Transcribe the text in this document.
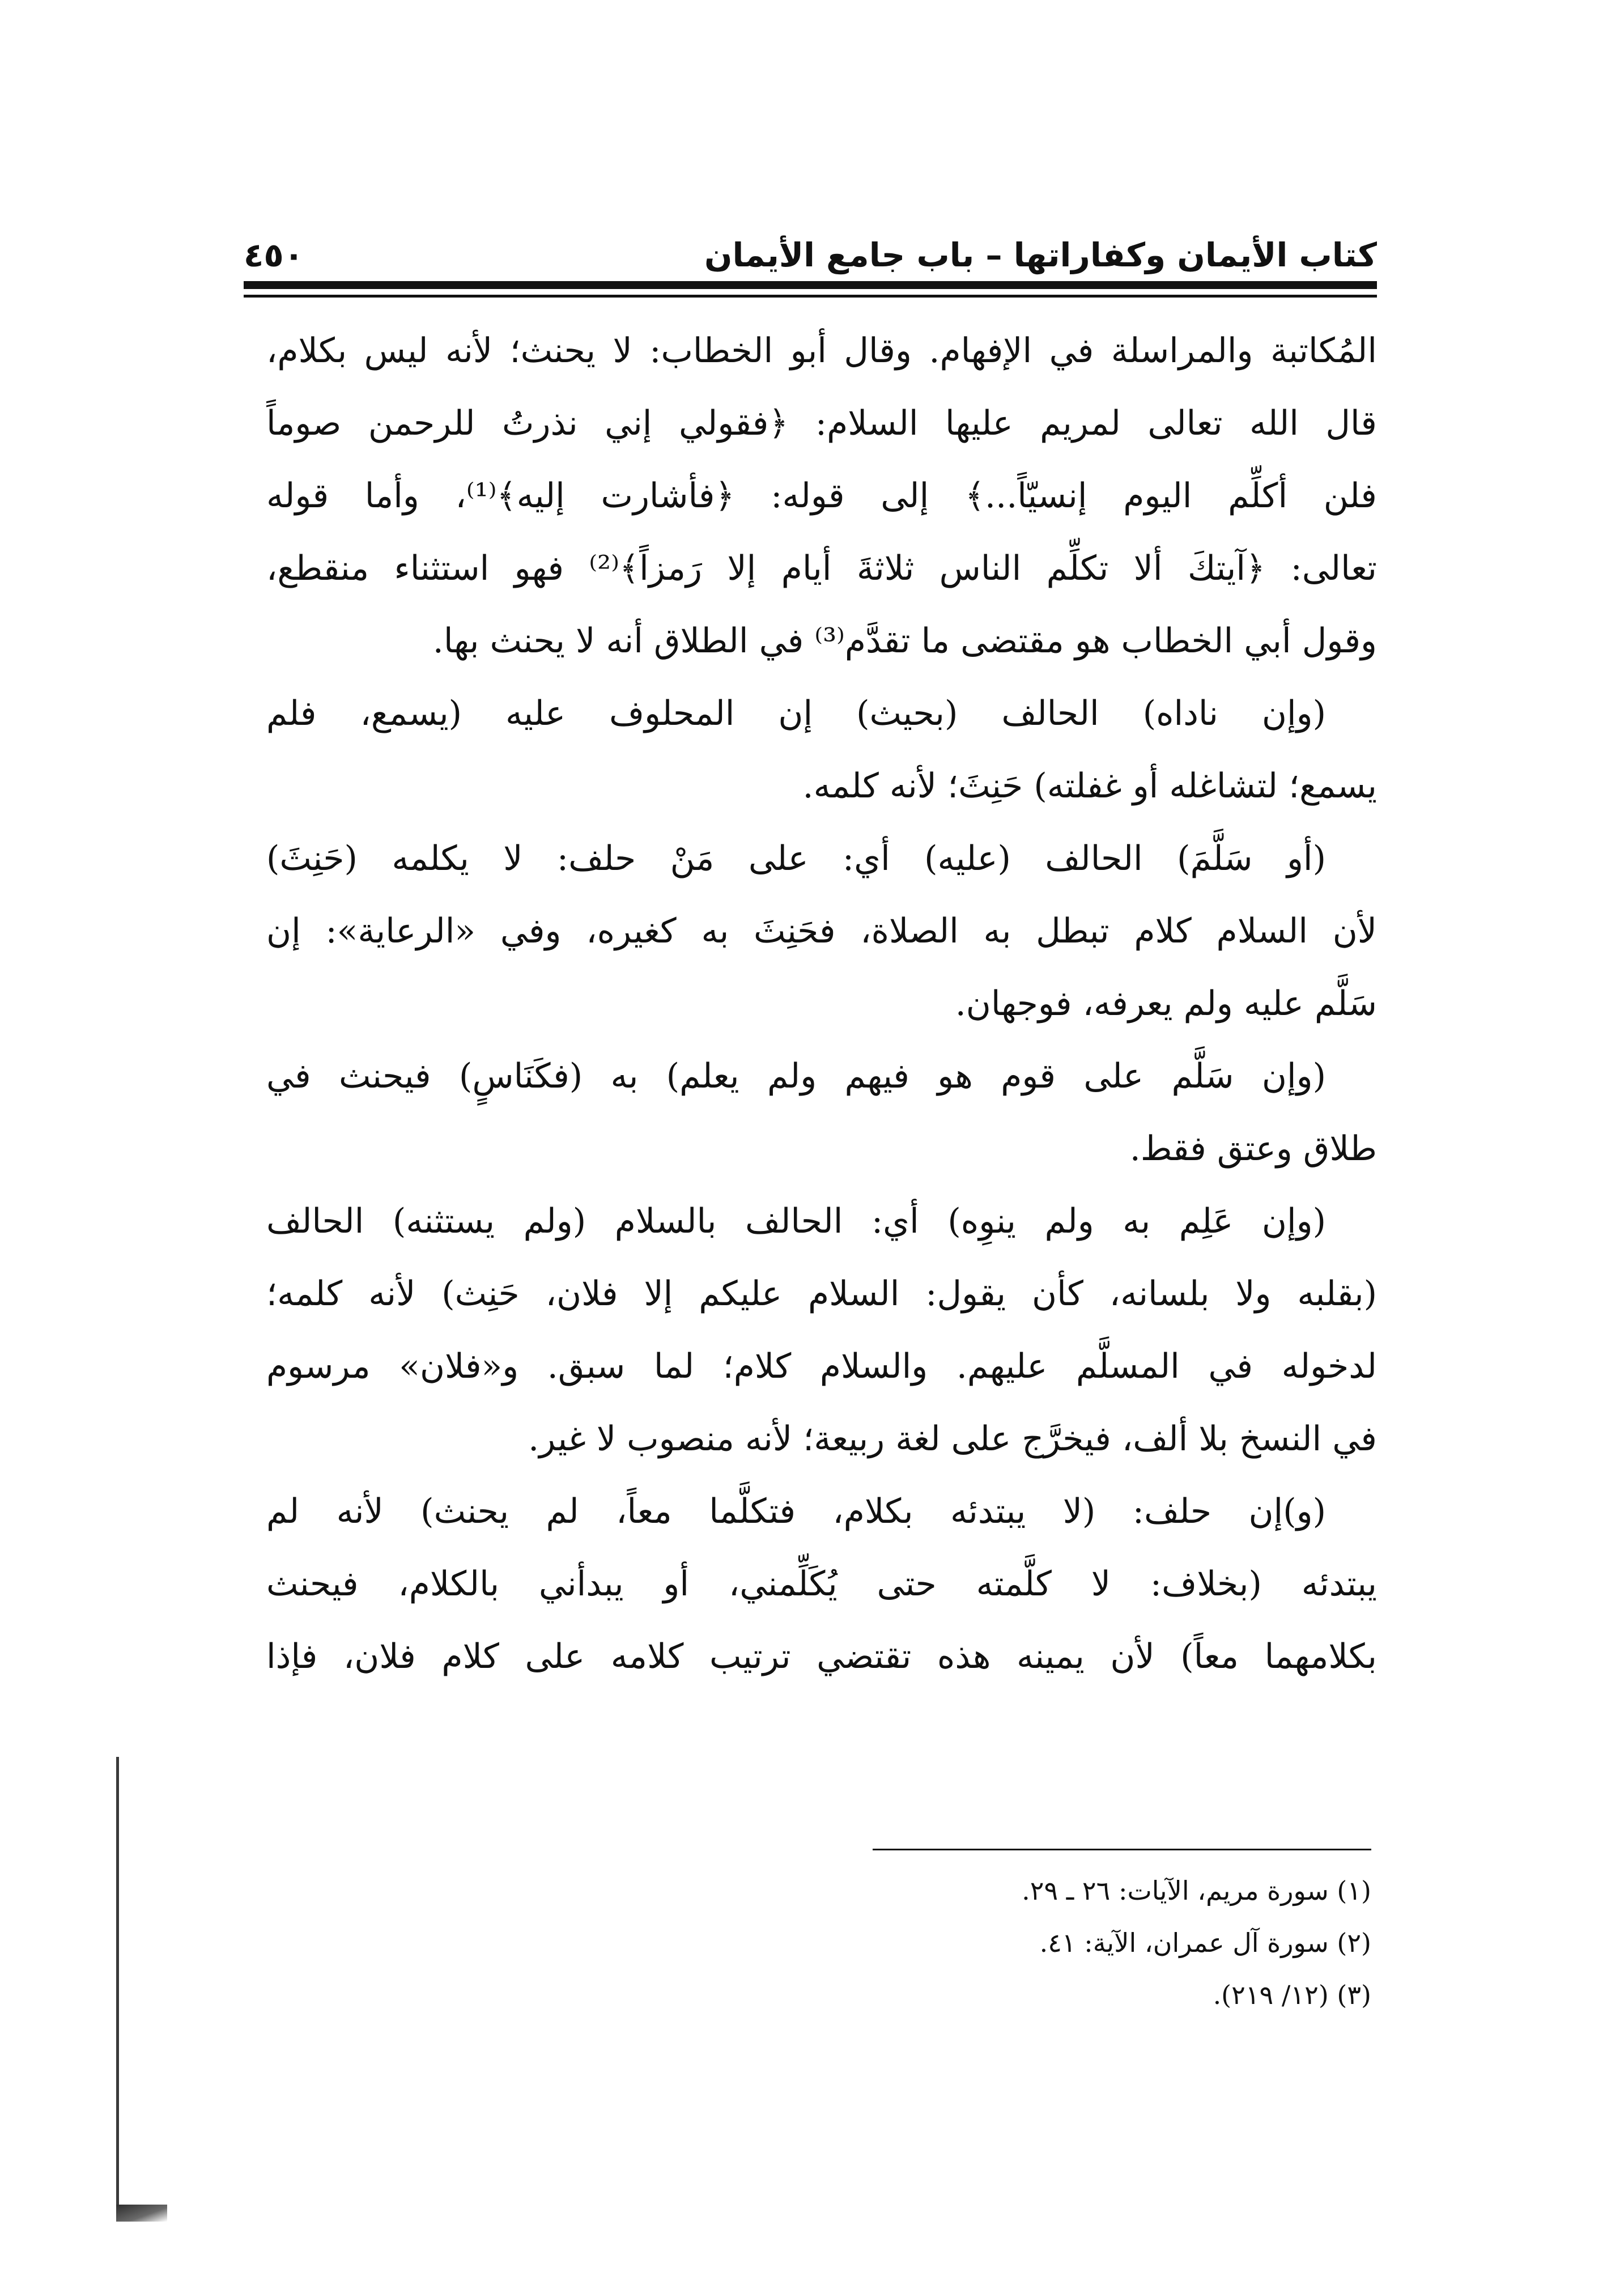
كتاب الأيمان وكفاراتها – باب جامع الأيمان
٤٥٠
المُكاتبة والمراسلة في الإفهام. وقال أبو الخطاب: لا يحنث؛ لأنه ليس بكلام،
قال الله تعالى لمريم عليها السلام: ﴿فقولي إني نذرتُ للرحمن صوماً
فلن أكلِّم اليوم إنسيّاً...﴾ إلى قوله: ﴿فأشارت إليه﴾⁽¹⁾، وأما قوله
تعالى: ﴿آيتكَ ألا تكلِّم الناس ثلاثةَ أيام إلا رَمزاً﴾⁽²⁾ فهو استثناء منقطع،
وقول أبي الخطاب هو مقتضى ما تقدَّم⁽³⁾ في الطلاق أنه لا يحنث بها.
(وإن ناداه) الحالف (بحيث) إن المحلوف عليه (يسمع، فلم
يسمع؛ لتشاغله أو غفلته) حَنِثَ؛ لأنه كلمه.
(أو سَلَّمَ) الحالف (عليه) أي: على مَنْ حلف: لا يكلمه (حَنِثَ)
لأن السلام كلام تبطل به الصلاة، فحَنِثَ به كغيره، وفي «الرعاية»: إن
سَلَّم عليه ولم يعرفه، فوجهان.
(وإن سَلَّم على قوم هو فيهم ولم يعلم) به (فكَنَاسٍ) فيحنث في
طلاق وعتق فقط.
(وإن عَلِم به ولم ينوِه) أي: الحالف بالسلام (ولم يستثنه) الحالف
(بقلبه ولا بلسانه، كأن يقول: السلام عليكم إلا فلان، حَنِث) لأنه كلمه؛
لدخوله في المسلَّم عليهم. والسلام كلام؛ لما سبق. و«فلان» مرسوم
في النسخ بلا ألف، فيخرَّج على لغة ربيعة؛ لأنه منصوب لا غير.
(و)إن حلف: (لا يبتدئه بكلام، فتكلَّما معاً، لم يحنث) لأنه لم
يبتدئه (بخلاف: لا كلَّمته حتى يُكَلِّمني، أو يبدأني بالكلام، فيحنث
بكلامهما معاً) لأن يمينه هذه تقتضي ترتيب كلامه على كلام فلان، فإذا
(١) سورة مريم، الآيات: ٢٦ ـ ٢٩.
(٢) سورة آل عمران، الآية: ٤١.
(٣) (١٢/ ٢١٩).
